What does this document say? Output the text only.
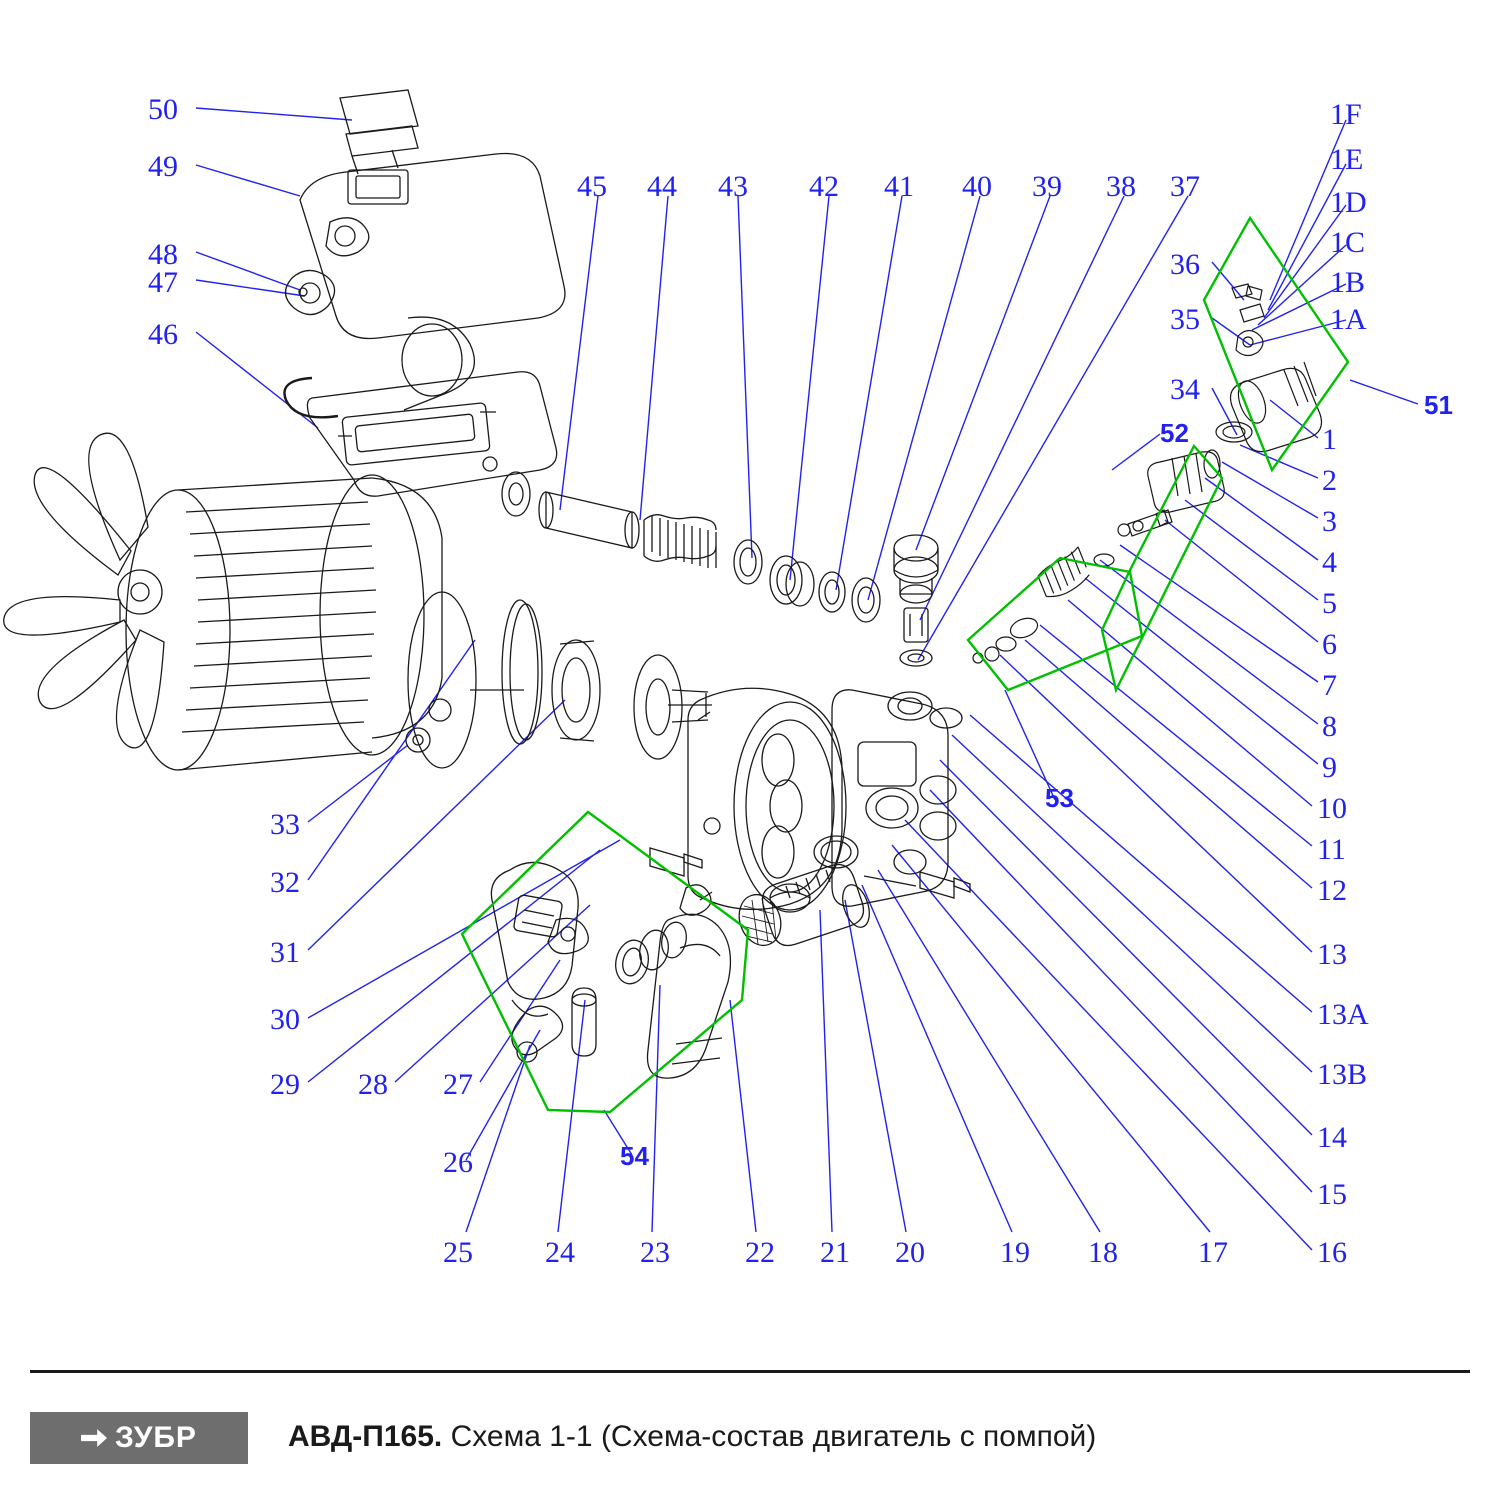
ЗУБР	АВД-П165. Схема 1-1 (Схема-состав двигатель с помпой)
50
49
48
47
46
45 44 43 42 41 40 39 38 37
36
35
34
1F
1E
1D
1C
1B
1A
51
52
53
54
1
2
3
4
5
6
7
8
9
10
11
12
13
13A
13B
14
15
16
17
18
19
20
21
22
23
24
25
26
27
28
29
30
31
32
33
